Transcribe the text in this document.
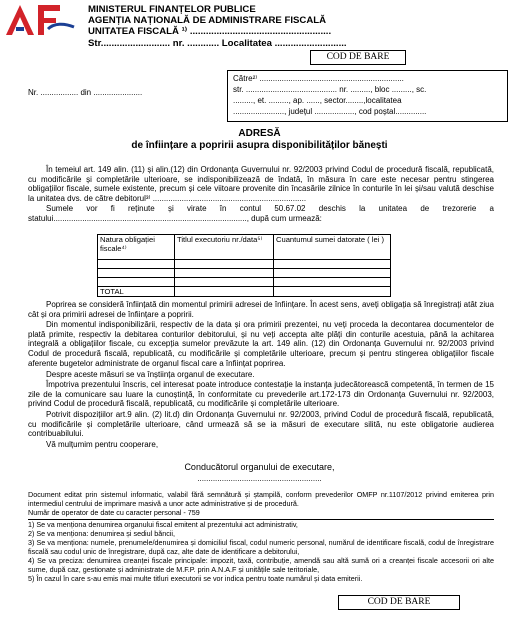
MINISTERUL FINANȚELOR PUBLICE
AGENȚIA NAȚIONALĂ DE ADMINISTRARE FISCALĂ
UNITATEA FISCALĂ ¹⁾ .....................................................
Str.......................... nr. ............ Localitatea ...........................
COD DE BARE
Nr. ................. din ......................
Către²⁾ .................................................................
str. ......................................... nr. ........., bloc ........., sc.
........., et. ........., ap. ......, sector........,localitatea
......................., județul .................., cod poștal..............
ADRESĂ
de înființare a popririi asupra disponibilităților bănești
În temeiul art. 149 alin. (11) și alin.(12) din Ordonanța Guvernului nr. 92/2003 privind Codul de procedură fiscală, republicată, cu modificările și completările ulterioare, se indisponibilizează de îndată, în măsura în care este necesar pentru stingerea obligațiilor fiscale, sumele existente, precum și cele viitoare provenite din încasările zilnice în conturile în lei și/sau valută deschise la unitatea dvs. de către debitorul³⁾ .....................................................................
Sumele vor fi reținute și virate în contul 50.67.02 deschis la unitatea de trezorerie a statului......................................................................................., după cum urmează:
Natura obligației fiscale⁴⁾	Titlul executoriu nr./data⁵⁾	Cuantumul sumei datorate ( lei )

TOTAL		
Poprirea se consideră înființată din momentul primirii adresei de înființare. În acest sens, aveți obligația să înregistrați atât ziua cât și ora primirii adresei de înființare a popririi.
Din momentul indisponibilizării, respectiv de la data și ora primirii prezentei, nu veți proceda la decontarea documentelor de plată primite, respectiv la debitarea conturilor debitorului, și nu veți accepta alte plăți din conturile acestuia, până la achitarea integrală a obligațiilor fiscale, cu excepția sumelor prevăzute la art. 149 alin. (12) din Ordonanța Guvernului nr. 92/2003 privind Codul de procedură fiscală, republicată, cu modificările și completările ulterioare, precum și pentru stingerea obligațiilor fiscale aferente bugetelor administrate de organul fiscal care a înființat poprirea.
Despre aceste măsuri se va înștiința organul de executare.
Împotriva prezentului înscris, cel interesat poate introduce contestație la instanța judecătorească competentă, în termen de 15 zile de la comunicare sau luare la cunoștință, în conformitate cu prevederile art.172-173 din Ordonanța Guvernului nr. 92/2003, privind Codul de procedură fiscală, republicată, cu modificările și completările ulterioare.
Potrivit dispozițiilor art.9 alin. (2) lit.d) din Ordonanța Guvernului nr. 92/2003, privind Codul de procedură fiscală, republicată, cu modificările și completările ulterioare, când urmează să se ia măsuri de executare silită, nu este obligatorie audierea contribuabilului.
Vă mulțumim pentru cooperare,
Conducătorul organului de executare,
........................................................
Document editat prin sistemul informatic, valabil fără semnătură și ștampilă, conform prevederilor OMFP nr.1107/2012 privind emiterea prin intermediul centrului de imprimare masivă a unor acte administrative și de procedură.
Număr de operator de date cu caracter personal - 759
1) Se va menționa denumirea organului fiscal emitent al prezentului act administrativ,
2) Se va menționa: denumirea și sediul băncii,
3) Se va menționa: numele, prenumele/denumirea și domiciliul fiscal, codul numeric personal, numărul de identificare fiscală, codul de înregistrare fiscală sau codul unic de înregistrare, după caz, alte date de identificare a debitorului,
4) Se va preciza: denumirea creanței fiscale principale: impozit, taxă, contribuție, amendă sau altă sumă ori a creanței fiscale accesorii ori alte sume, după caz, gestionate și administrate de M.F.P. prin A.N.A.F și unitățile sale teritoriale,
5) În cazul în care s-au emis mai multe titluri executorii se vor indica pentru toate numărul și data emiterii.
COD DE BARE
